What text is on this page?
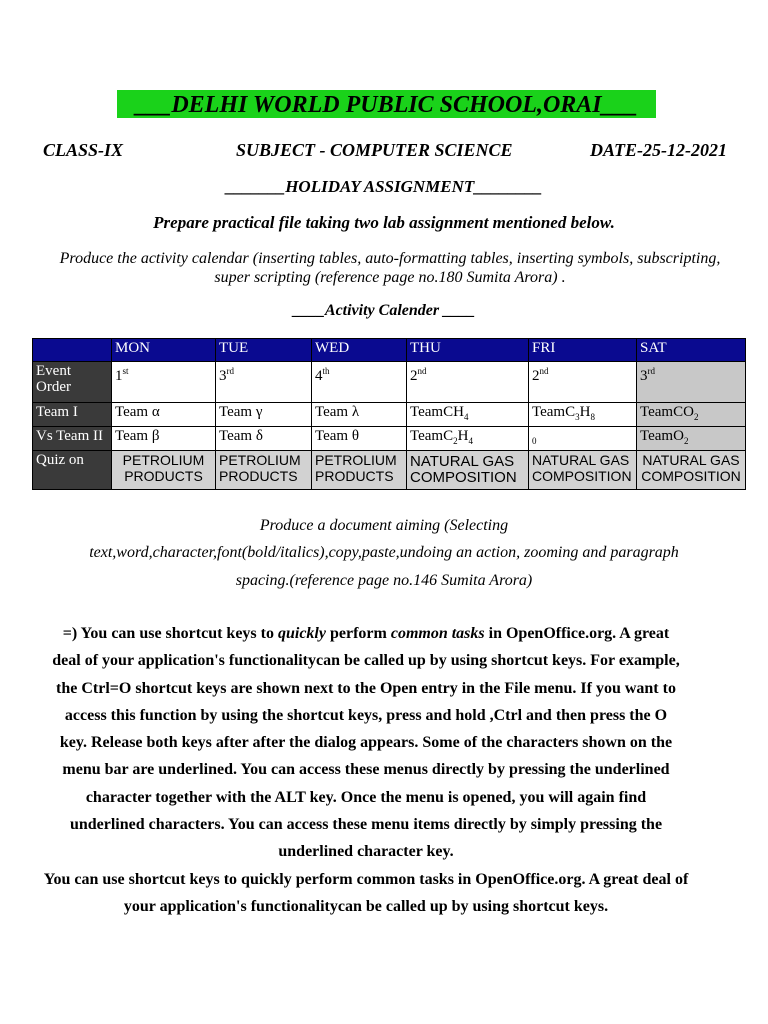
___DELHI WORLD PUBLIC SCHOOL,ORAI___
CLASS-IX	SUBJECT - COMPUTER SCIENCE	DATE-25-12-2021
_______HOLIDAY ASSIGNMENT________
Prepare practical file taking two lab assignment mentioned below.
Produce the activity calendar (inserting tables, auto-formatting tables, inserting symbols, subscripting, super scripting (reference page no.180 Sumita Arora) .
____Activity Calender ____
	MON	TUE	WED	THU	FRI	SAT
Event Order	1st	3rd	4th	2nd	2nd	3rd
Team I	Team α	Team γ	Team λ	TeamCH$_4$	$TeamC_3H_8$	TeamCO$_2$
Vs Team II	Team β	Team δ	Team θ	$TeamC_2H_4$	0	TeamO$_2$
Quiz on	PETROLIUM PRODUCTS	PETROLIUM PRODUCTS	PETROLIUM PRODUCTS	NATURAL GAS COMPOSITION	NATURAL GAS COMPOSITION	NATURAL GAS COMPOSITION
Produce a document aiming (Selecting
text,word,character,font(bold/italics),copy,paste,undoing an action, zooming and paragraph
spacing.(reference page no.146 Sumita Arora)

=) You can use shortcut keys to quickly perform common tasks in OpenOffice.org. A great deal of your application's functionalitycan be called up by using shortcut keys. For example, the Ctrl=O shortcut keys are shown next to the Open entry in the File menu. If you want to access this function by using the shortcut keys, press and hold ,Ctrl and then press the O key. Release both keys after after the dialog appears. Some of the characters shown on the menu bar are underlined. You can access these menus directly by pressing the underlined character together with the ALT key. Once the menu is opened, you will again find underlined characters. You can access these menu items directly by simply pressing the underlined character key.

You can use shortcut keys to quickly perform common tasks in OpenOffice.org. A great deal of your application's functionalitycan be called up by using shortcut keys.
